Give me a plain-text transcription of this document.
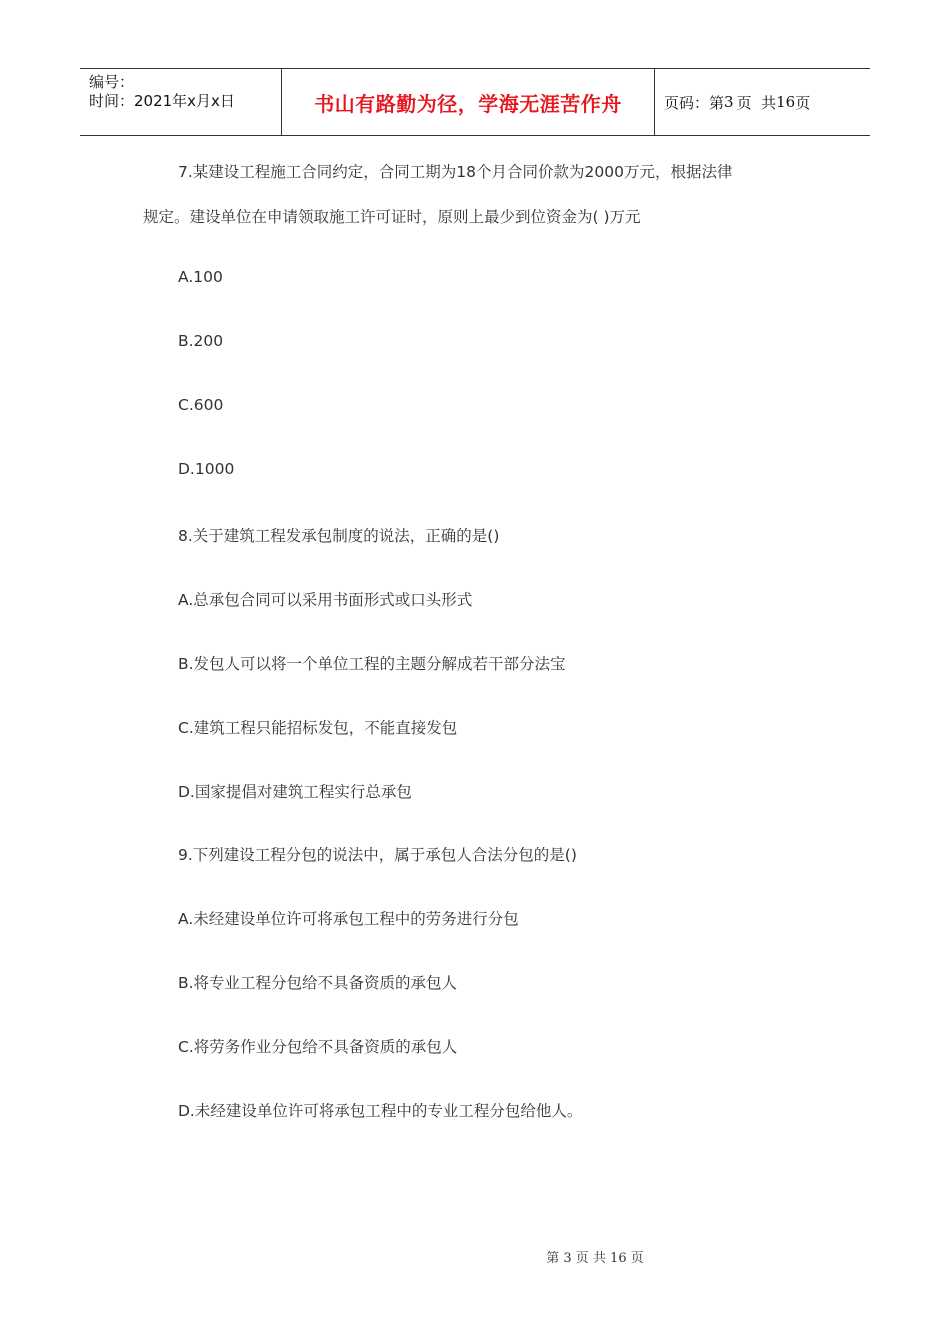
编号：
时间：2021年x月x日	书山有路勤为径，学海无涯苦作舟	页码：第 3 页  共 16 页
7.某建设工程施工合同约定，合同工期为18个月合同价款为2000万元，根据法律
规定。建设单位在申请领取施工许可证时，原则上最少到位资金为( )万元
A.100
B.200
C.600
D.1000
8.关于建筑工程发承包制度的说法，正确的是()
A.总承包合同可以采用书面形式或口头形式
B.发包人可以将一个单位工程的主题分解成若干部分法宝
C.建筑工程只能招标发包，不能直接发包
D.国家提倡对建筑工程实行总承包
9.下列建设工程分包的说法中，属于承包人合法分包的是()
A.未经建设单位许可将承包工程中的劳务进行分包
B.将专业工程分包给不具备资质的承包人
C.将劳务作业分包给不具备资质的承包人
D.未经建设单位许可将承包工程中的专业工程分包给他人。
第 3 页 共 16 页
